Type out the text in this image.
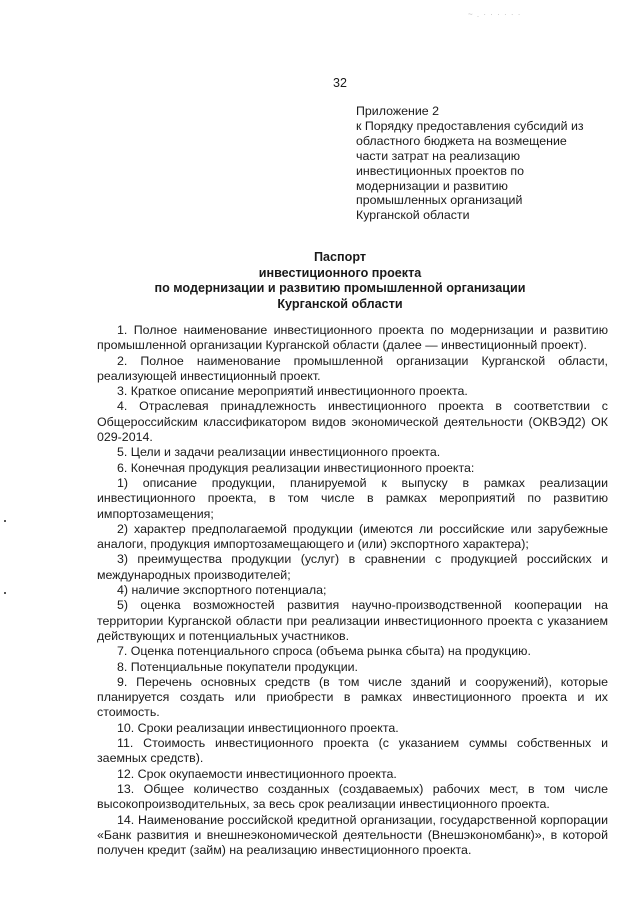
~ . · · · · · ·
32
Приложение 2
к Порядку предоставления субсидий из
областного бюджета на возмещение
части затрат на реализацию
инвестиционных проектов по
модернизации и развитию
промышленных организаций
Курганской области
Паспорт
инвестиционного проекта
по модернизации и развитию промышленной организации
Курганской области

1. Полное наименование инвестиционного проекта по модернизации и развитию промышленной организации Курганской области (далее — инвестиционный проект).

2. Полное наименование промышленной организации Курганской области, реализующей инвестиционный проект.

3. Краткое описание мероприятий инвестиционного проекта.

4. Отраслевая принадлежность инвестиционного проекта в соответствии с Общероссийским классификатором видов экономической деятельности (ОКВЭД2) ОК 029-2014.

5. Цели и задачи реализации инвестиционного проекта.

6. Конечная продукция реализации инвестиционного проекта:

1) описание продукции, планируемой к выпуску в рамках реализации инвестиционного проекта, в том числе в рамках мероприятий по развитию импортозамещения;

2) характер предполагаемой продукции (имеются ли российские или зарубежные аналоги, продукция импортозамещающего и (или) экспортного характера);

3) преимущества продукции (услуг) в сравнении с продукцией российских и международных производителей;

4) наличие экспортного потенциала;

5) оценка возможностей развития научно-производственной кооперации на территории Курганской области при реализации инвестиционного проекта с указанием действующих и потенциальных участников.

7. Оценка потенциального спроса (объема рынка сбыта) на продукцию.

8. Потенциальные покупатели продукции.

9. Перечень основных средств (в том числе зданий и сооружений), которые планируется создать или приобрести в рамках инвестиционного проекта и их стоимость.

10. Сроки реализации инвестиционного проекта.

11. Стоимость инвестиционного проекта (с указанием суммы собственных и заемных средств).

12. Срок окупаемости инвестиционного проекта.

13. Общее количество созданных (создаваемых) рабочих мест, в том числе высокопроизводительных, за весь срок реализации инвестиционного проекта.

14. Наименование российской кредитной организации, государственной корпорации «Банк развития и внешнеэкономической деятельности (Внешэкономбанк)», в которой получен кредит (займ) на реализацию инвестиционного проекта.
